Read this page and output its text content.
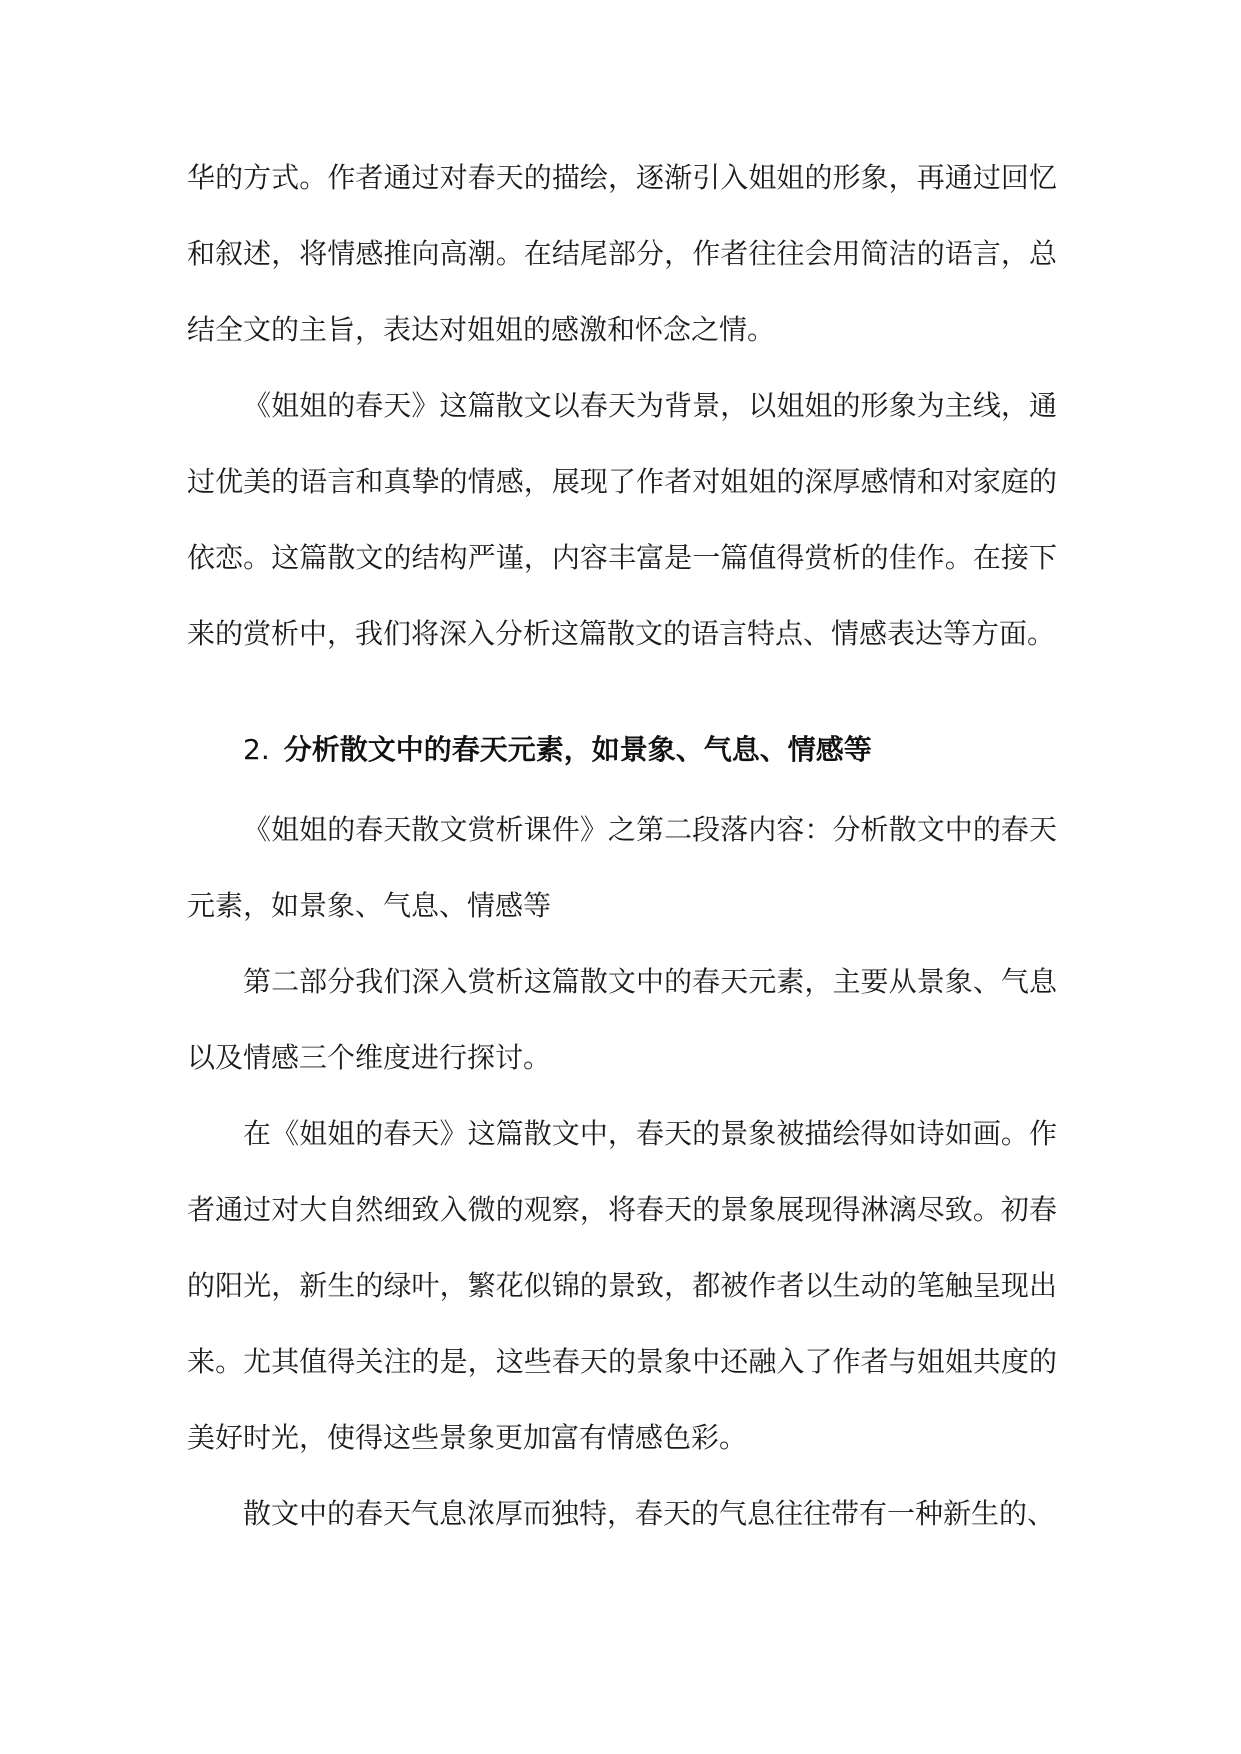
华的方式。作者通过对春天的描绘，逐渐引入姐姐的形象，再通过回忆和叙述，将情感推向高潮。在结尾部分，作者往往会用简洁的语言，总结全文的主旨，表达对姐姐的感激和怀念之情。

《姐姐的春天》这篇散文以春天为背景，以姐姐的形象为主线，通过优美的语言和真挚的情感，展现了作者对姐姐的深厚感情和对家庭的依恋。这篇散文的结构严谨，内容丰富是一篇值得赏析的佳作。在接下来的赏析中，我们将深入分析这篇散文的语言特点、情感表达等方面。

2. 分析散文中的春天元素，如景象、气息、情感等

《姐姐的春天散文赏析课件》之第二段落内容：分析散文中的春天元素，如景象、气息、情感等

第二部分我们深入赏析这篇散文中的春天元素，主要从景象、气息以及情感三个维度进行探讨。

在《姐姐的春天》这篇散文中，春天的景象被描绘得如诗如画。作者通过对大自然细致入微的观察，将春天的景象展现得淋漓尽致。初春的阳光，新生的绿叶，繁花似锦的景致，都被作者以生动的笔触呈现出来。尤其值得关注的是，这些春天的景象中还融入了作者与姐姐共度的美好时光，使得这些景象更加富有情感色彩。

散文中的春天气息浓厚而独特，春天的气息往往带有一种新生的、
